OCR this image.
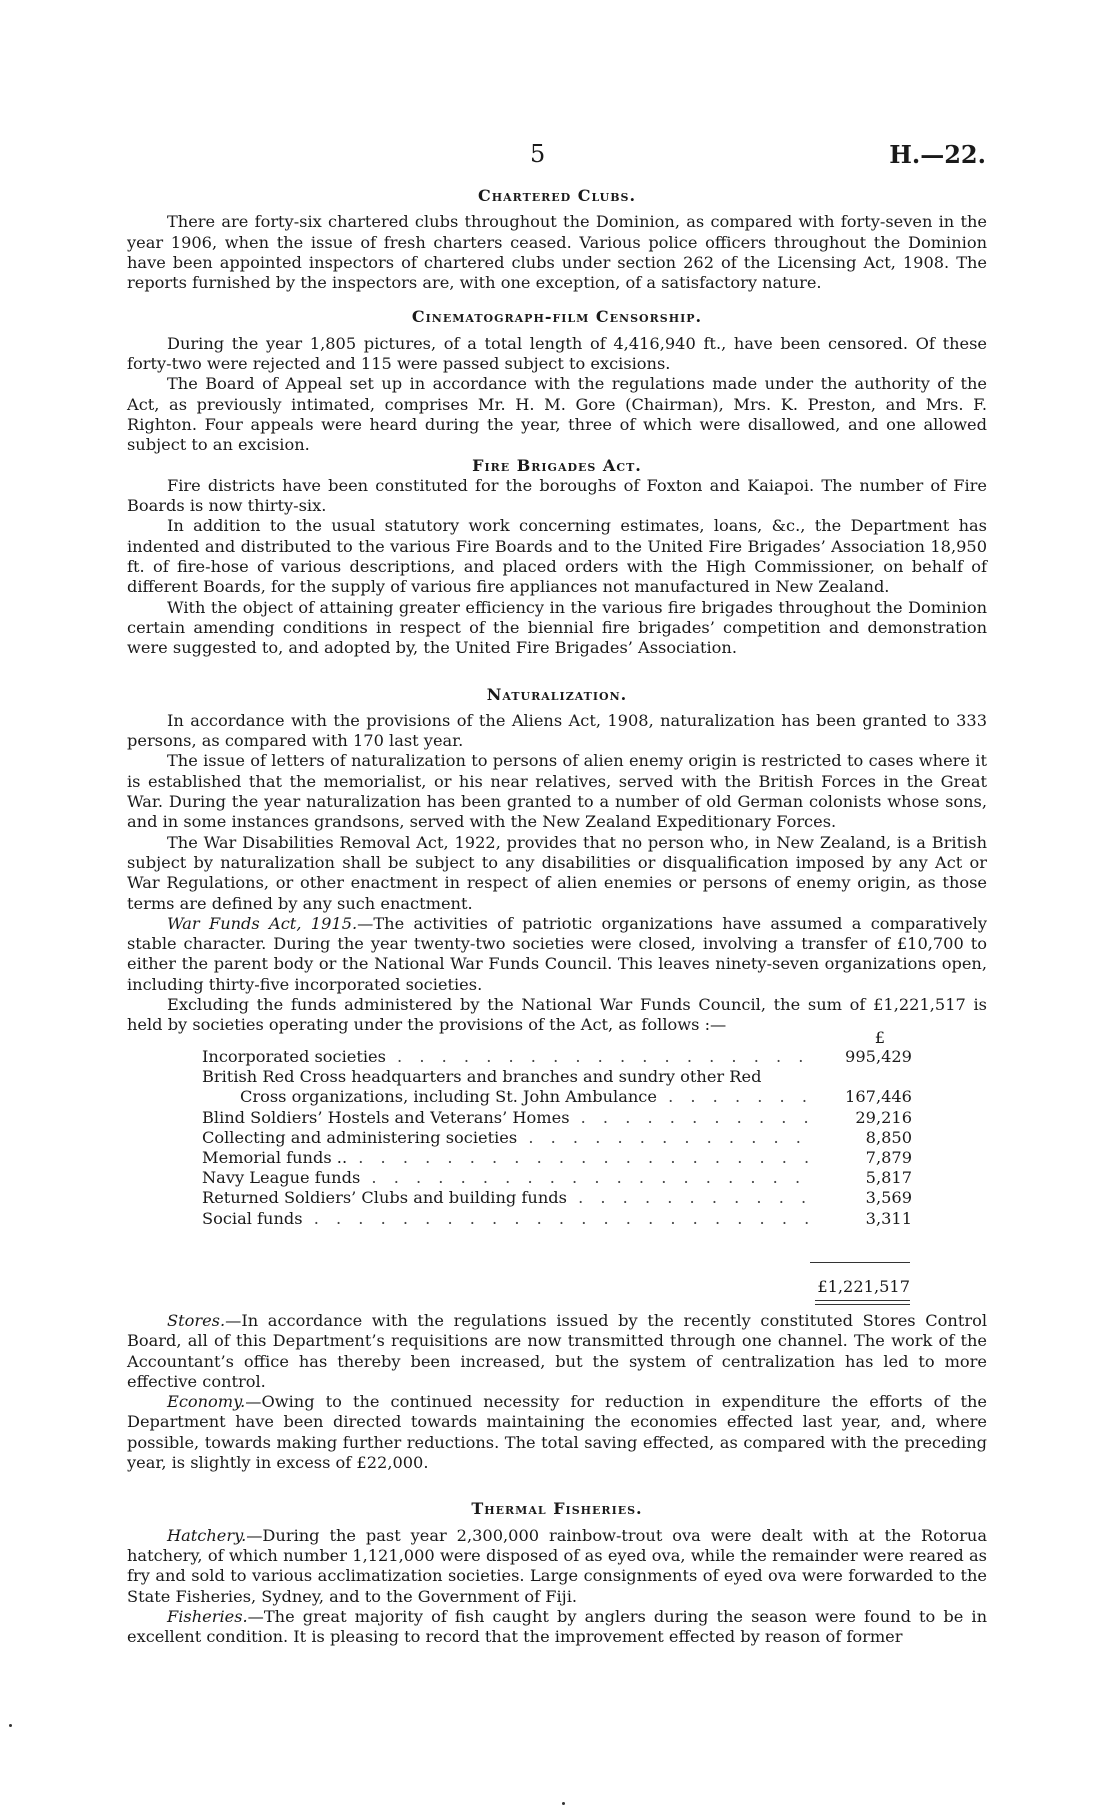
5	H.—22.
Chartered Clubs.

There are forty-six chartered clubs throughout the Dominion, as compared with forty-seven in the year 1906, when the issue of fresh charters ceased. Various police officers throughout the Dominion have been appointed inspectors of chartered clubs under section 262 of the Licensing Act, 1908. The reports furnished by the inspectors are, with one exception, of a satisfactory nature.

Cinematograph-film Censorship.

During the year 1,805 pictures, of a total length of 4,416,940 ft., have been censored. Of these forty-two were rejected and 115 were passed subject to excisions.

The Board of Appeal set up in accordance with the regulations made under the authority of the Act, as previously intimated, comprises Mr. H. M. Gore (Chairman), Mrs. K. Preston, and Mrs. F. Righton. Four appeals were heard during the year, three of which were disallowed, and one allowed subject to an excision.

Fire Brigades Act.

Fire districts have been constituted for the boroughs of Foxton and Kaiapoi. The number of Fire Boards is now thirty-six.

In addition to the usual statutory work concerning estimates, loans, &c., the Department has indented and distributed to the various Fire Boards and to the United Fire Brigades’ Association 18,950 ft. of fire-hose of various descriptions, and placed orders with the High Commissioner, on behalf of different Boards, for the supply of various fire appliances not manufactured in New Zealand.

With the object of attaining greater efficiency in the various fire brigades throughout the Dominion certain amending conditions in respect of the biennial fire brigades’ competition and demonstration were suggested to, and adopted by, the United Fire Brigades’ Association.

Naturalization.

In accordance with the provisions of the Aliens Act, 1908, naturalization has been granted to 333 persons, as compared with 170 last year.

The issue of letters of naturalization to persons of alien enemy origin is restricted to cases where it is established that the memorialist, or his near relatives, served with the British Forces in the Great War. During the year naturalization has been granted to a number of old German colonists whose sons, and in some instances grandsons, served with the New Zealand Expeditionary Forces.

The War Disabilities Removal Act, 1922, provides that no person who, in New Zealand, is a British subject by naturalization shall be subject to any disabilities or disqualification imposed by any Act or War Regulations, or other enactment in respect of alien enemies or persons of enemy origin, as those terms are defined by any such enactment.

War Funds Act, 1915.—The activities of patriotic organizations have assumed a comparatively stable character. During the year twenty-two societies were closed, involving a transfer of £10,700 to either the parent body or the National War Funds Council. This leaves ninety-seven organizations open, including thirty-five incorporated societies.

Excluding the funds administered by the National War Funds Council, the sum of £1,221,517 is held by societies operating under the provisions of the Act, as follows :—

£
Incorporated societies . . .	995,429
British Red Cross headquarters and branches and sundry other Red
Cross organizations, including St. John Ambulance . . .	167,446
Blind Soldiers’ Hostels and Veterans’ Homes . . .	29,216
Collecting and administering societies . . .	8,850
Memorial funds .. . . .	7,879
Navy League funds . . .	5,817
Returned Soldiers’ Clubs and building funds . . .	3,569
Social funds . . .	3,311
£1,221,517

Stores.—In accordance with the regulations issued by the recently constituted Stores Control Board, all of this Department’s requisitions are now transmitted through one channel. The work of the Accountant’s office has thereby been increased, but the system of centralization has led to more effective control.

Economy.—Owing to the continued necessity for reduction in expenditure the efforts of the Department have been directed towards maintaining the economies effected last year, and, where possible, towards making further reductions. The total saving effected, as compared with the preceding year, is slightly in excess of £22,000.

Thermal Fisheries.

Hatchery.—During the past year 2,300,000 rainbow-trout ova were dealt with at the Rotorua hatchery, of which number 1,121,000 were disposed of as eyed ova, while the remainder were reared as fry and sold to various acclimatization societies. Large consignments of eyed ova were forwarded to the State Fisheries, Sydney, and to the Government of Fiji.

Fisheries.—The great majority of fish caught by anglers during the season were found to be in excellent condition. It is pleasing to record that the improvement effected by reason of former
